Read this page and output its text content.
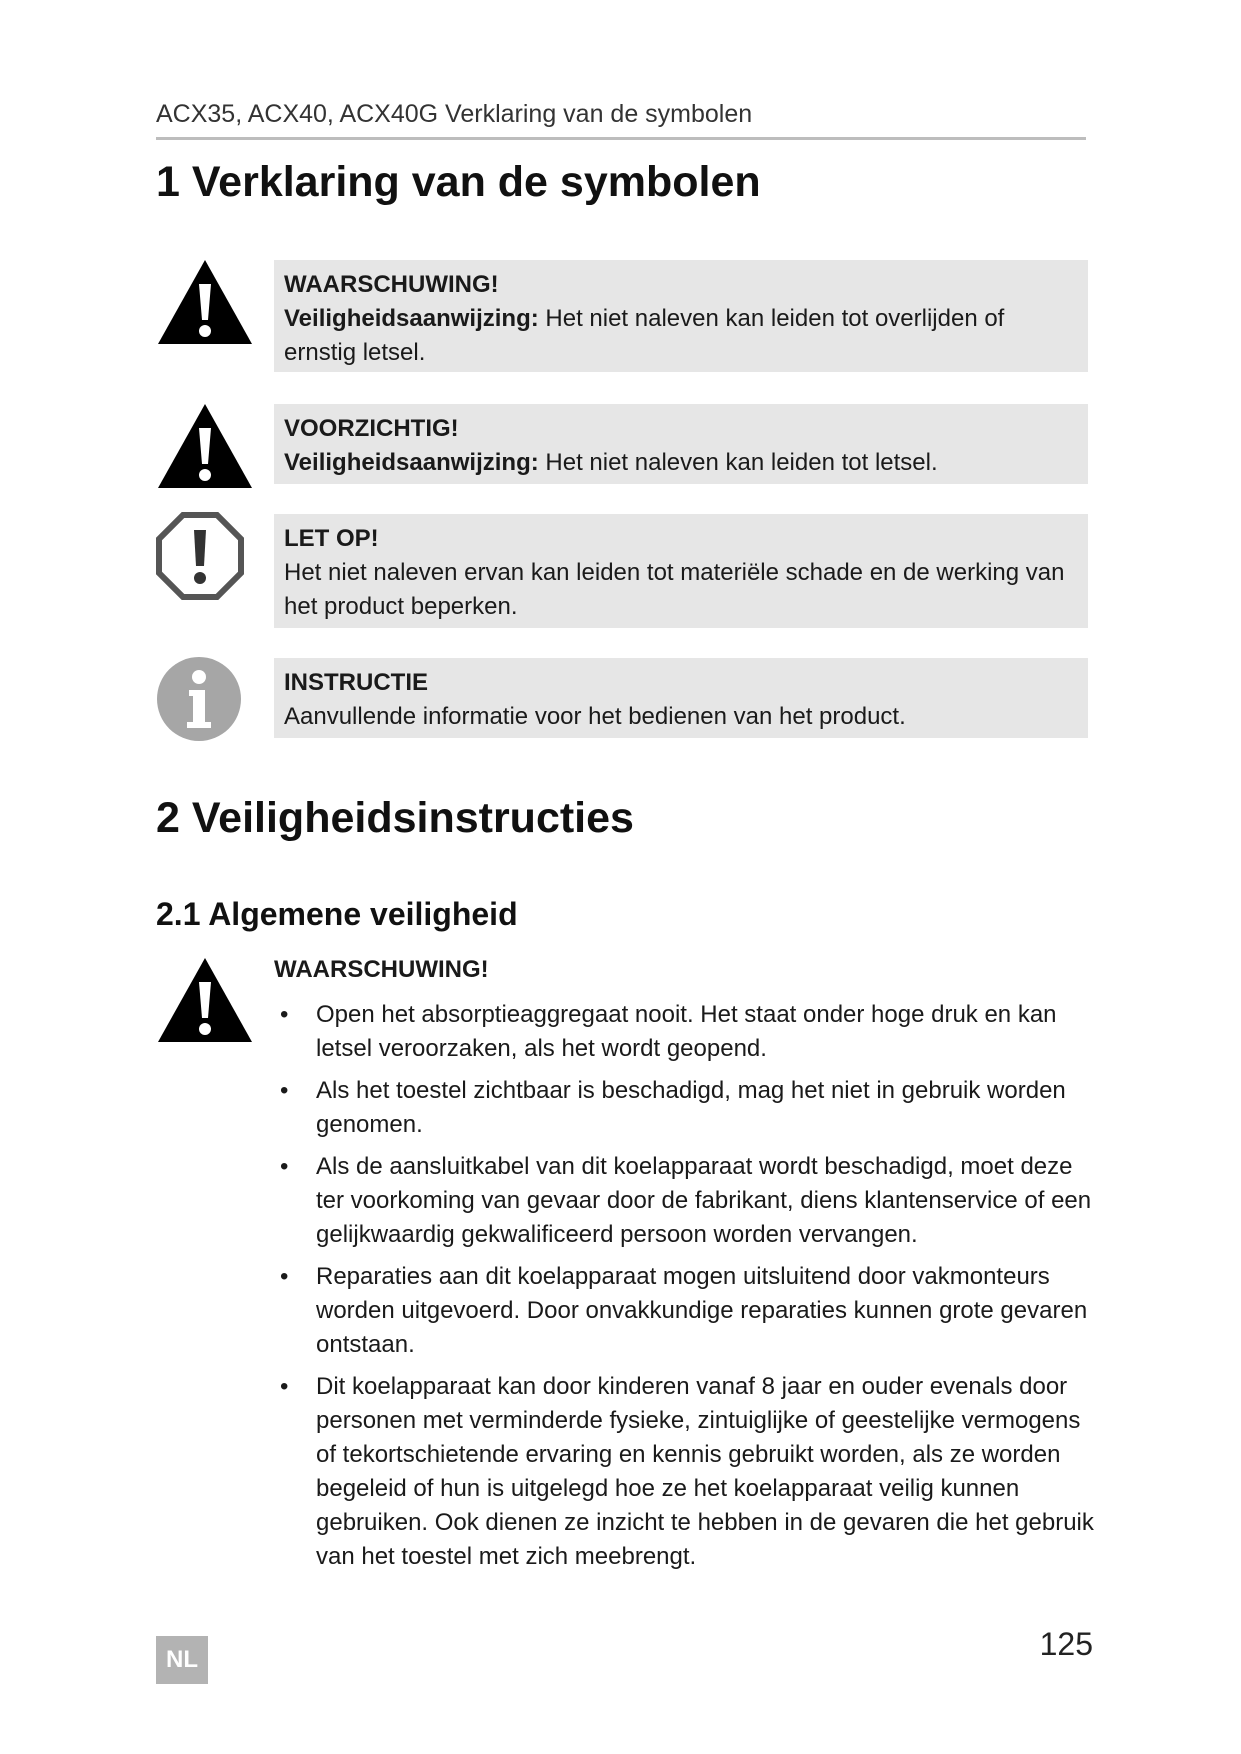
ACX35, ACX40, ACX40G Verklaring van de symbolen
1 Verklaring van de symbolen
WAARSCHUWING!
Veiligheidsaanwijzing: Het niet naleven kan leiden tot overlijden of ernstig letsel.
VOORZICHTIG!
Veiligheidsaanwijzing: Het niet naleven kan leiden tot letsel.
LET OP!
Het niet naleven ervan kan leiden tot materiële schade en de werking van het product beperken.
INSTRUCTIE
Aanvullende informatie voor het bedienen van het product.
2 Veiligheidsinstructies
2.1 Algemene veiligheid
WAARSCHUWING!
• Open het absorptieaggregaat nooit. Het staat onder hoge druk en kan letsel veroorzaken, als het wordt geopend.
• Als het toestel zichtbaar is beschadigd, mag het niet in gebruik worden genomen.
• Als de aansluitkabel van dit koelapparaat wordt beschadigd, moet deze ter voorkoming van gevaar door de fabrikant, diens klantenservice of een gelijkwaardig gekwalificeerd persoon worden vervangen.
• Reparaties aan dit koelapparaat mogen uitsluitend door vakmonteurs worden uitgevoerd. Door onvakkundige reparaties kunnen grote gevaren ontstaan.
• Dit koelapparaat kan door kinderen vanaf 8 jaar en ouder evenals door personen met verminderde fysieke, zintuiglijke of geestelijke vermogens of tekortschietende ervaring en kennis gebruikt worden, als ze worden begeleid of hun is uitgelegd hoe ze het koelapparaat veilig kunnen gebruiken. Ook dienen ze inzicht te hebben in de gevaren die het gebruik van het toestel met zich meebrengt.
NL	125
